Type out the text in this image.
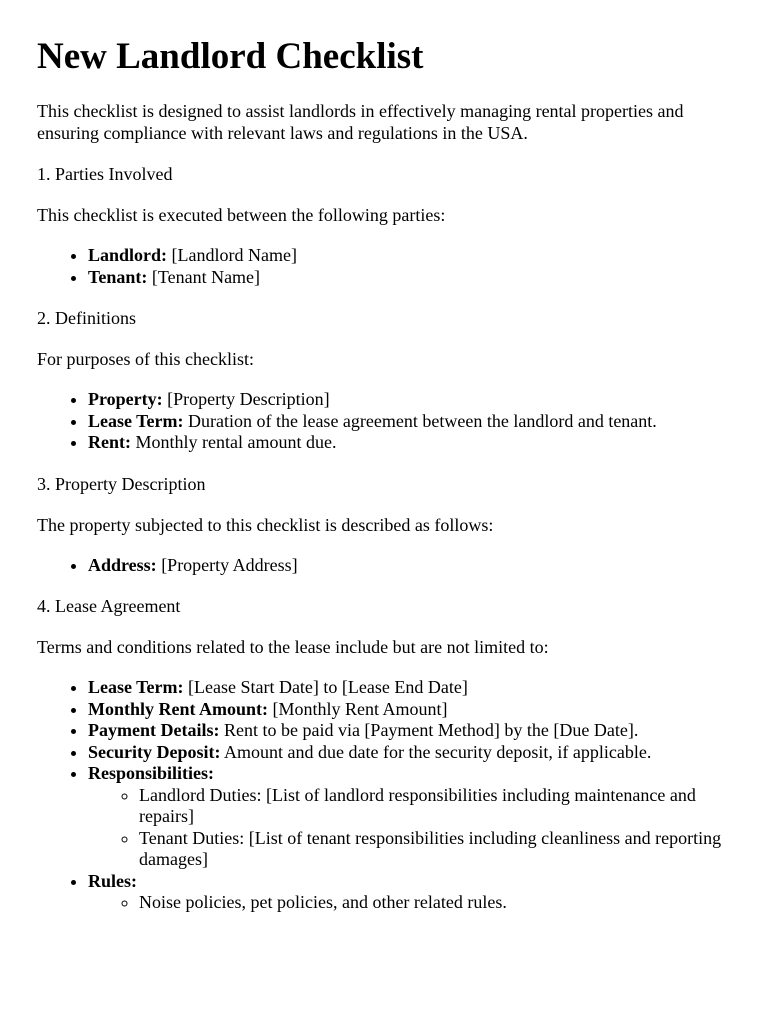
New Landlord Checklist

This checklist is designed to assist landlords in effectively managing rental properties and ensuring compliance with relevant laws and regulations in the USA.

1. Parties Involved

This checklist is executed between the following parties:

• Landlord: [Landlord Name]
• Tenant: [Tenant Name]

2. Definitions

For purposes of this checklist:

• Property: [Property Description]
• Lease Term: Duration of the lease agreement between the landlord and tenant.
• Rent: Monthly rental amount due.

3. Property Description

The property subjected to this checklist is described as follows:

• Address: [Property Address]

4. Lease Agreement

Terms and conditions related to the lease include but are not limited to:

• Lease Term: [Lease Start Date] to [Lease End Date]
• Monthly Rent Amount: [Monthly Rent Amount]
• Payment Details: Rent to be paid via [Payment Method] by the [Due Date].
• Security Deposit: Amount and due date for the security deposit, if applicable.
• Responsibilities:
◦ Landlord Duties: [List of landlord responsibilities including maintenance and repairs]
◦ Tenant Duties: [List of tenant responsibilities including cleanliness and reporting damages]
• Rules:
◦ Noise policies, pet policies, and other related rules.
